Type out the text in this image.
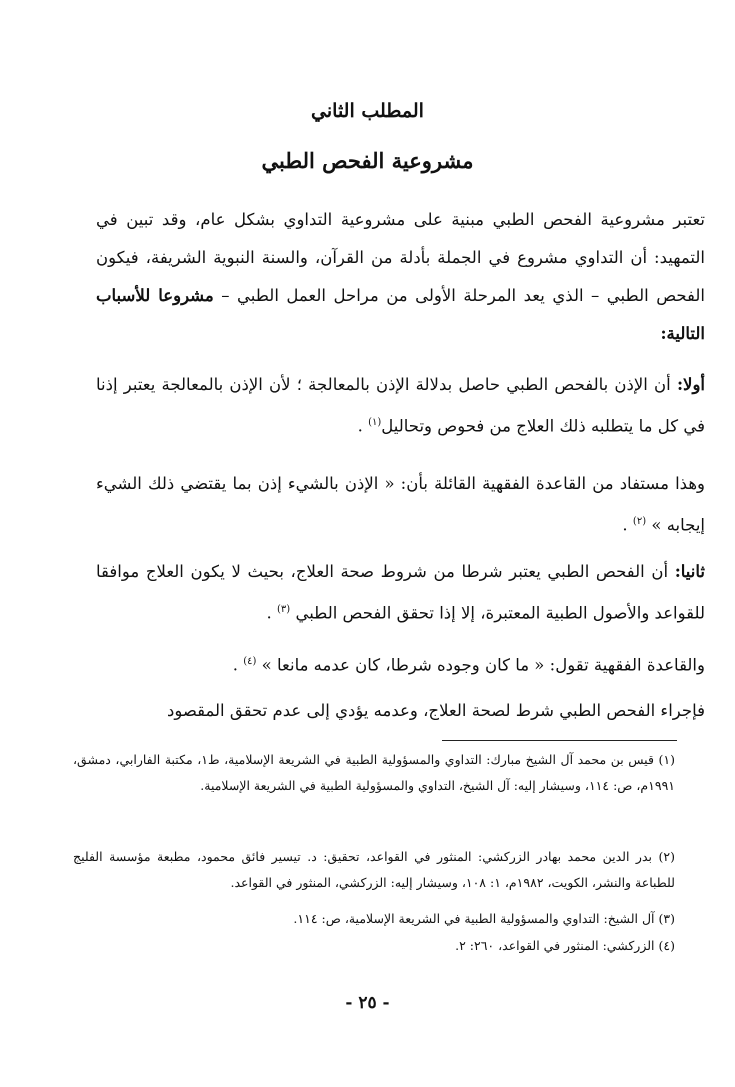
المطلب الثاني
مشروعية الفحص الطبي

تعتبر مشروعية الفحص الطبي مبنية على مشروعية التداوي بشكل عام، وقد تبين في التمهيد: أن التداوي مشروع في الجملة بأدلة من القرآن، والسنة النبوية الشريفة، فيكون الفحص الطبي – الذي يعد المرحلة الأولى من مراحل العمل الطبي – مشروعا للأسباب التالية:

أولا: أن الإذن بالفحص الطبي حاصل بدلالة الإذن بالمعالجة ؛ لأن الإذن بالمعالجة يعتبر إذنا في كل ما يتطلبه ذلك العلاج من فحوص وتحاليل$^{(١)}$ .

وهذا مستفاد من القاعدة الفقهية القائلة بأن: « الإذن بالشيء إذن بما يقتضي ذلك الشيء إيجابه » $^{(٢)}$ .

ثانيا: أن الفحص الطبي يعتبر شرطا من شروط صحة العلاج، بحيث لا يكون العلاج موافقا للقواعد والأصول الطبية المعتبرة، إلا إذا تحقق الفحص الطبي $^{(٣)}$ .

والقاعدة الفقهية تقول: « ما كان وجوده شرطا، كان عدمه مانعا » $^{(٤)}$ .

فإجراء الفحص الطبي شرط لصحة العلاج، وعدمه يؤدي إلى عدم تحقق المقصود

(١) قيس بن محمد آل الشيخ مبارك: التداوي والمسؤولية الطبية في الشريعة الإسلامية، ط١، مكتبة الفارابي، دمشق، ١٩٩١م، ص: ١١٤، وسيشار إليه: آل الشيخ، التداوي والمسؤولية الطبية في الشريعة الإسلامية.

(٢) بدر الدين محمد بهادر الزركشي: المنثور في القواعد، تحقيق: د. تيسير فائق محمود، مطبعة مؤسسة الفليج للطباعة والنشر، الكويت، ١٩٨٢م، ١: ١٠٨، وسيشار إليه: الزركشي، المنثور في القواعد.

(٣) آل الشيخ: التداوي والمسؤولية الطبية في الشريعة الإسلامية، ص: ١١٤.

(٤) الزركشي: المنثور في القواعد، ٢٦٠: ٢.

- ٢٥ -
